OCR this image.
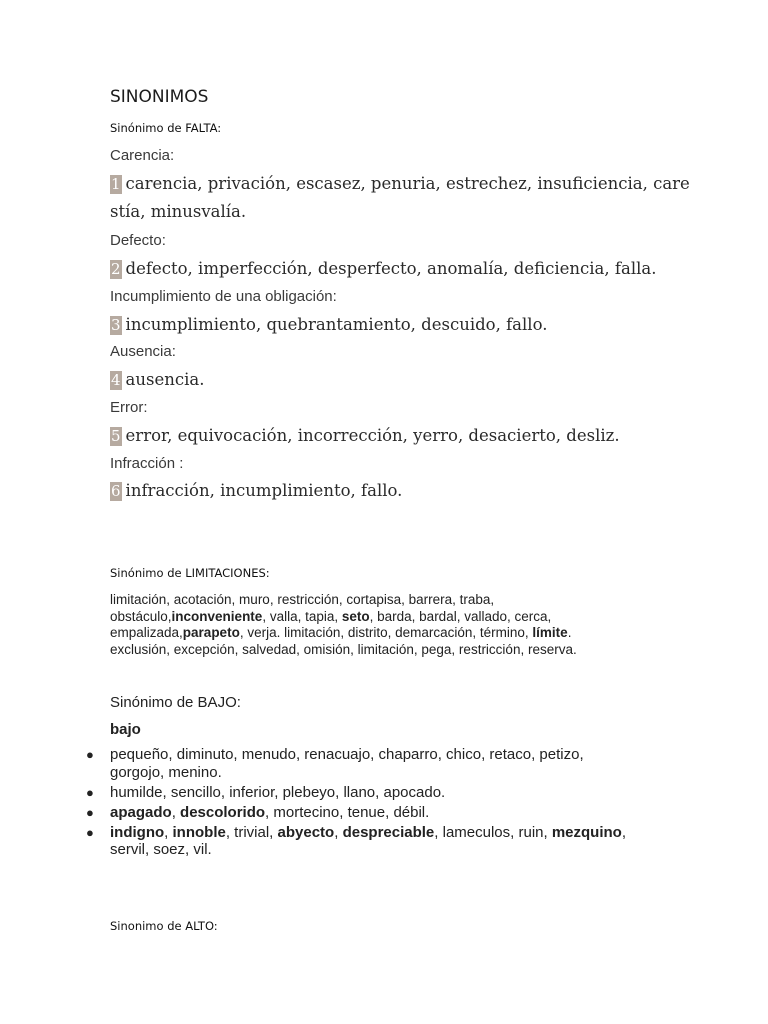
SINONIMOS
Sinónimo de FALTA:
Carencia:
1 carencia, privación, escasez, penuria, estrechez, insuficiencia, care
stía, minusvalía.
Defecto:
2 defecto, imperfección, desperfecto, anomalía, deficiencia, falla.
Incumplimiento de una obligación:
3 incumplimiento, quebrantamiento, descuido, fallo.
Ausencia:
4 ausencia.
Error:
5 error, equivocación, incorrección, yerro, desacierto, desliz.
Infracción :
6 infracción, incumplimiento, fallo.
Sinónimo de LIMITACIONES:
limitación, acotación, muro, restricción, cortapisa, barrera, traba,
obstáculo,inconveniente, valla, tapia, seto, barda, bardal, vallado, cerca,
empalizada,parapeto, verja. limitación, distrito, demarcación, término, límite.
exclusión, excepción, salvedad, omisión, limitación, pega, restricción, reserva.
Sinónimo de BAJO:
bajo
● pequeño, diminuto, menudo, renacuajo, chaparro, chico, retaco, petizo,
gorgojo, menino.
● humilde, sencillo, inferior, plebeyo, llano, apocado.
● apagado, descolorido, mortecino, tenue, débil.
● indigno, innoble, trivial, abyecto, despreciable, lameculos, ruin, mezquino,
servil, soez, vil.
Sinonimo de ALTO:
